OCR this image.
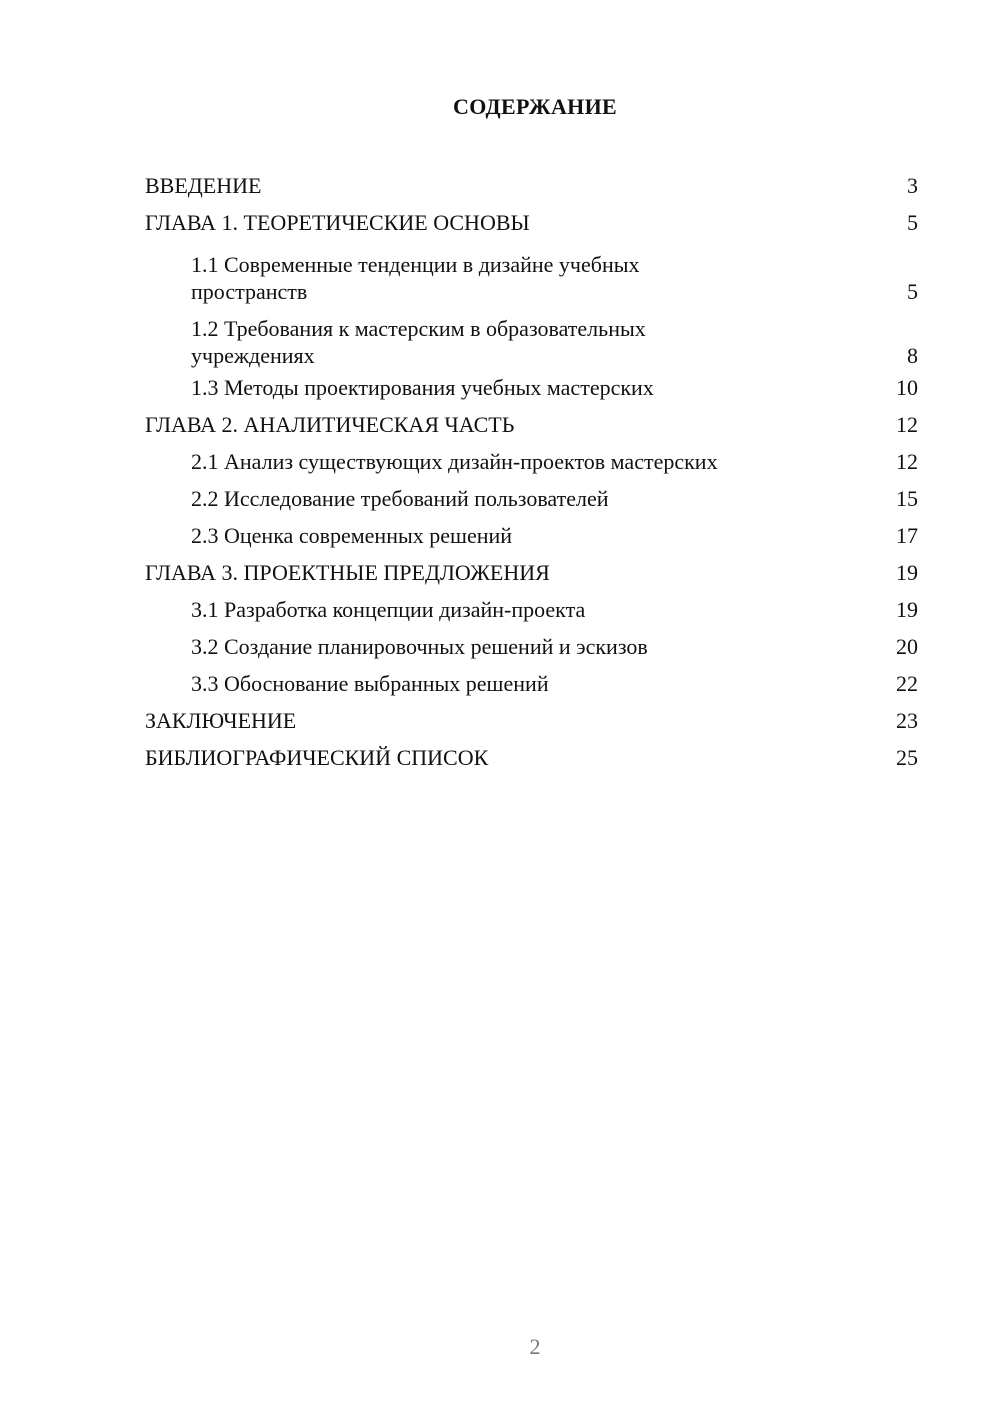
СОДЕРЖАНИЕ
ВВЕДЕНИЕ	3
ГЛАВА 1. ТЕОРЕТИЧЕСКИЕ ОСНОВЫ	5
1.1 Современные тенденции в дизайне учебных пространств	5
1.2 Требования к мастерским в образовательных учреждениях	8
1.3 Методы проектирования учебных мастерских	10
ГЛАВА 2. АНАЛИТИЧЕСКАЯ ЧАСТЬ	12
2.1 Анализ существующих дизайн-проектов мастерских	12
2.2 Исследование требований пользователей	15
2.3 Оценка современных решений	17
ГЛАВА 3. ПРОЕКТНЫЕ ПРЕДЛОЖЕНИЯ	19
3.1 Разработка концепции дизайн-проекта	19
3.2 Создание планировочных решений и эскизов	20
3.3 Обоснование выбранных решений	22
ЗАКЛЮЧЕНИЕ	23
БИБЛИОГРАФИЧЕСКИЙ СПИСОК	25
2
